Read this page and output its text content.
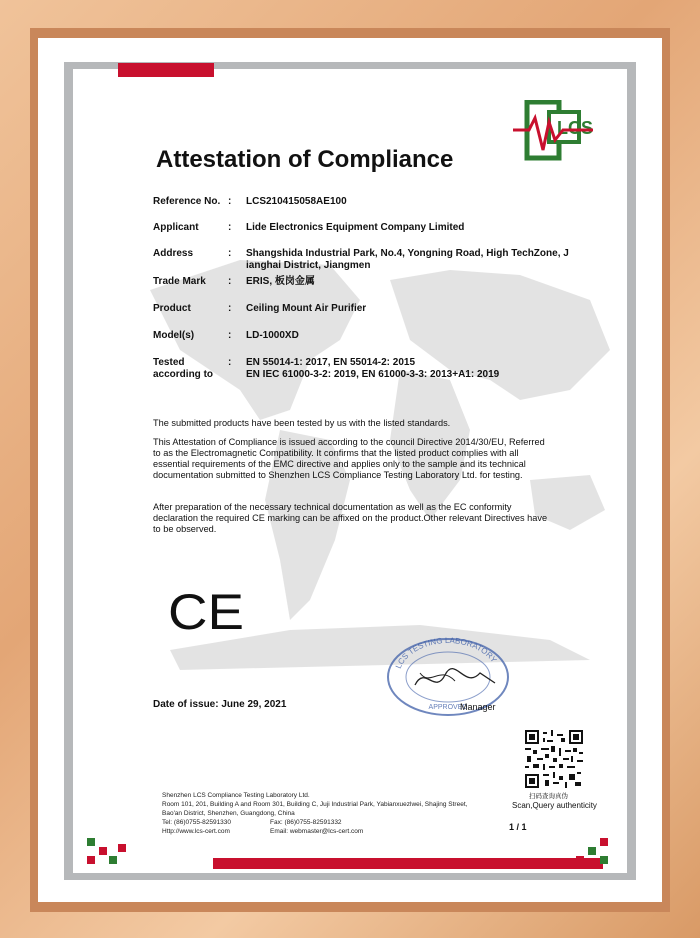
Attestation of Compliance
LCS
Reference No. : LCS210415058AE100
Applicant	: Lide Electronics Equipment Company Limited
Address	: Shangshida Industrial Park, No.4, Yongning Road, High TechZone, Jianghai District, Jiangmen
Trade Mark	: ERIS, 板岗金属
Product	: Ceiling Mount Air Purifier
Model(s)	: LD-1000XD
Tested according to
: EN 55014-1: 2017, EN 55014-2: 2015
EN IEC 61000-3-2: 2019, EN 61000-3-3: 2013+A1: 2019
The submitted products have been tested by us with the listed standards.
This Attestation of Compliance is issued according to the council Directive 2014/30/EU, Referred to as the Electromagnetic Compatibility. It confirms that the listed product complies with all essential requirements of the EMC directive and applies only to the sample and its technical documentation submitted to Shenzhen LCS Compliance Testing Laboratory Ltd. for testing.
After preparation of the necessary technical documentation as well as the EC conformity declaration the required CE marking can be affixed on the product.Other relevant Directives have to be observed.
CE
LCS TESTING LABORATORY
APPROVED
Manager
Date of issue: June 29, 2021
扫码查询真伪
Scan,Query authenticity
Shenzhen LCS Compliance Testing Laboratory Ltd.
Room 101, 201, Building A and Room 301, Building C, Juji Industrial Park, Yabianxuezlwei, Shajing Street,
Bao'an District, Shenzhen, Guangdong, China
Tel: (86)0755-82591330	Fax: (86)0755-82591332
Http://www.lcs-cert.com	Email: webmaster@lcs-cert.com	1 / 1
